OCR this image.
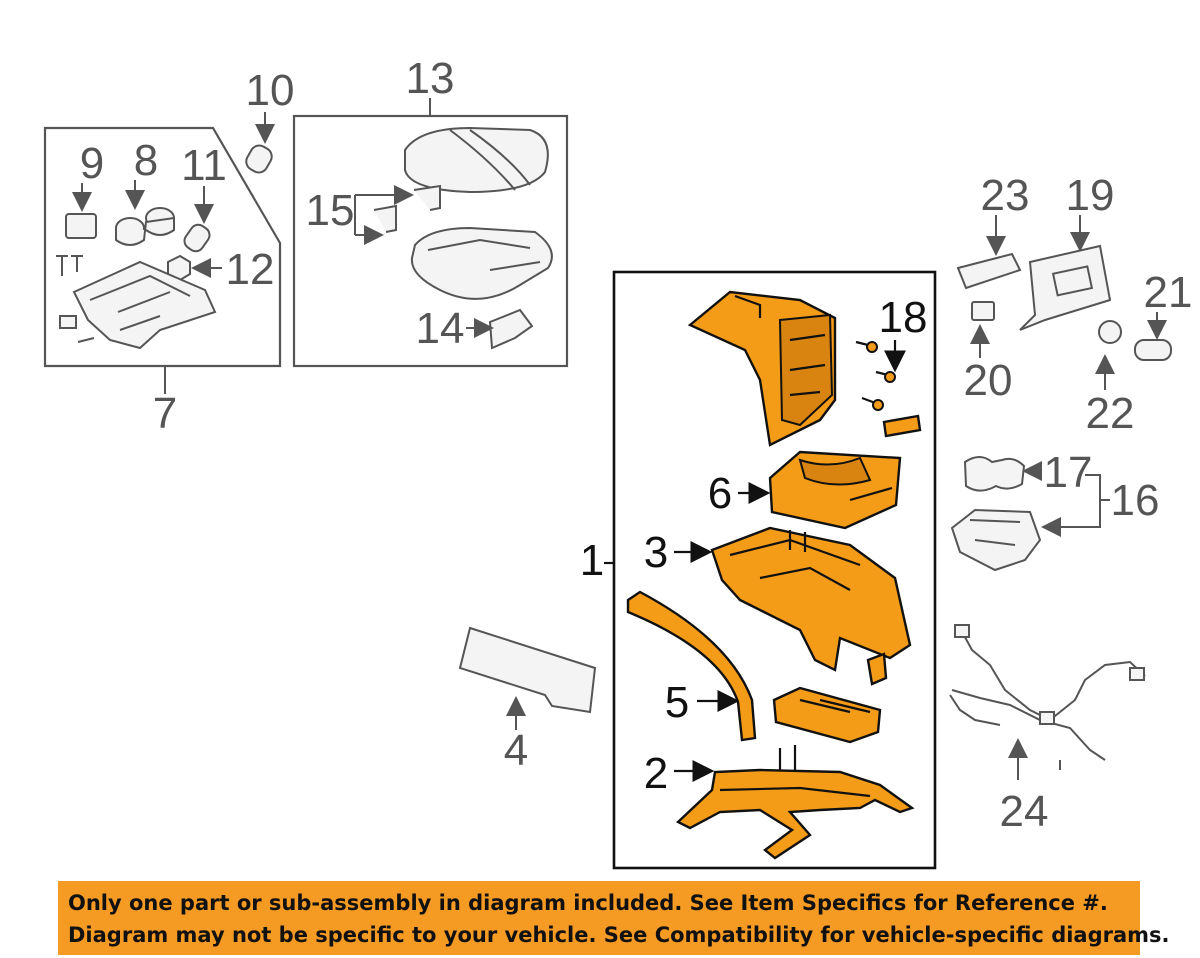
7
8
9 11
12
10	13
15
14
4
1
18
6
3
5
2
23 19
20
21
22
17
16
24
Only one part or sub-assembly in diagram included. See Item Specifics for Reference #.
Diagram may not be specific to your vehicle. See Compatibility for vehicle-specific diagrams.
